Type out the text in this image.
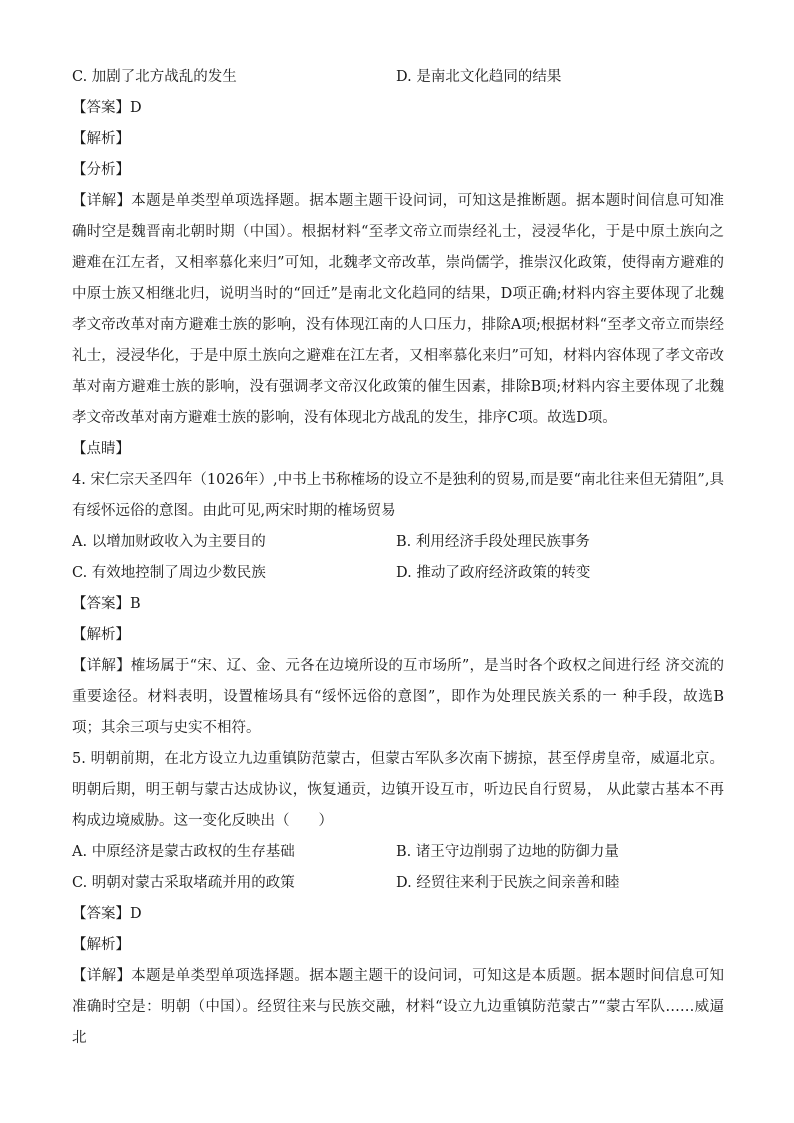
C. 加剧了北方战乱的发生	D. 是南北文化趋同的结果
【答案】D
【解析】
【分析】
【详解】本题是单类型单项选择题。据本题主题干设问词，可知这是推断题。据本题时间信息可知准确时空是魏晋南北朝时期（中国）。根据材料“至孝文帝立而崇经礼士，浸浸华化，于是中原土族向之避难在江左者，又相率慕化来归”可知，北魏孝文帝改革，崇尚儒学，推崇汉化政策，使得南方避难的中原士族又相继北归，说明当时的“回迁”是南北文化趋同的结果，D项正确;材料内容主要体现了北魏孝文帝改革对南方避难士族的影响，没有体现江南的人口压力，排除A项;根据材料“至孝文帝立而崇经礼士，浸浸华化，于是中原土族向之避难在江左者，又相率慕化来归”可知，材料内容体现了孝文帝改革对南方避难士族的影响，没有强调孝文帝汉化政策的催生因素，排除B项;材料内容主要体现了北魏孝文帝改革对南方避难士族的影响，没有体现北方战乱的发生，排序C项。故选D项。
【点睛】
4. 宋仁宗天圣四年（1026年）,中书上书称榷场的设立不是独利的贸易,而是要“南北往来但无猜阻”,具有绥怀远俗的意图。由此可见,两宋时期的榷场贸易
A. 以增加财政收入为主要目的	B. 利用经济手段处理民族事务
C. 有效地控制了周边少数民族	D. 推动了政府经济政策的转变
【答案】B
【解析】
【详解】榷场属于“宋、辽、金、元各在边境所设的互市场所”，是当时各个政权之间进行经 济交流的重要途径。材料表明，设置榷场具有“绥怀远俗的意图”，即作为处理民族关系的一 种手段，故选B项；其余三项与史实不相符。
5. 明朝前期，在北方设立九边重镇防范蒙古，但蒙古军队多次南下掳掠，甚至俘虏皇帝，威逼北京。明朝后期，明王朝与蒙古达成协议，恢复通贡，边镇开设互市，听边民自行贸易， 从此蒙古基本不再构成边境威胁。这一变化反映出（　　）
A. 中原经济是蒙古政权的生存基础	B. 诸王守边削弱了边地的防御力量
C. 明朝对蒙古采取堵疏并用的政策	D. 经贸往来利于民族之间亲善和睦
【答案】D
【解析】
【详解】本题是单类型单项选择题。据本题主题干的设问词，可知这是本质题。据本题时间信息可知准确时空是：明朝（中国）。经贸往来与民族交融，材料“设立九边重镇防范蒙古”“蒙古军队……威逼北
